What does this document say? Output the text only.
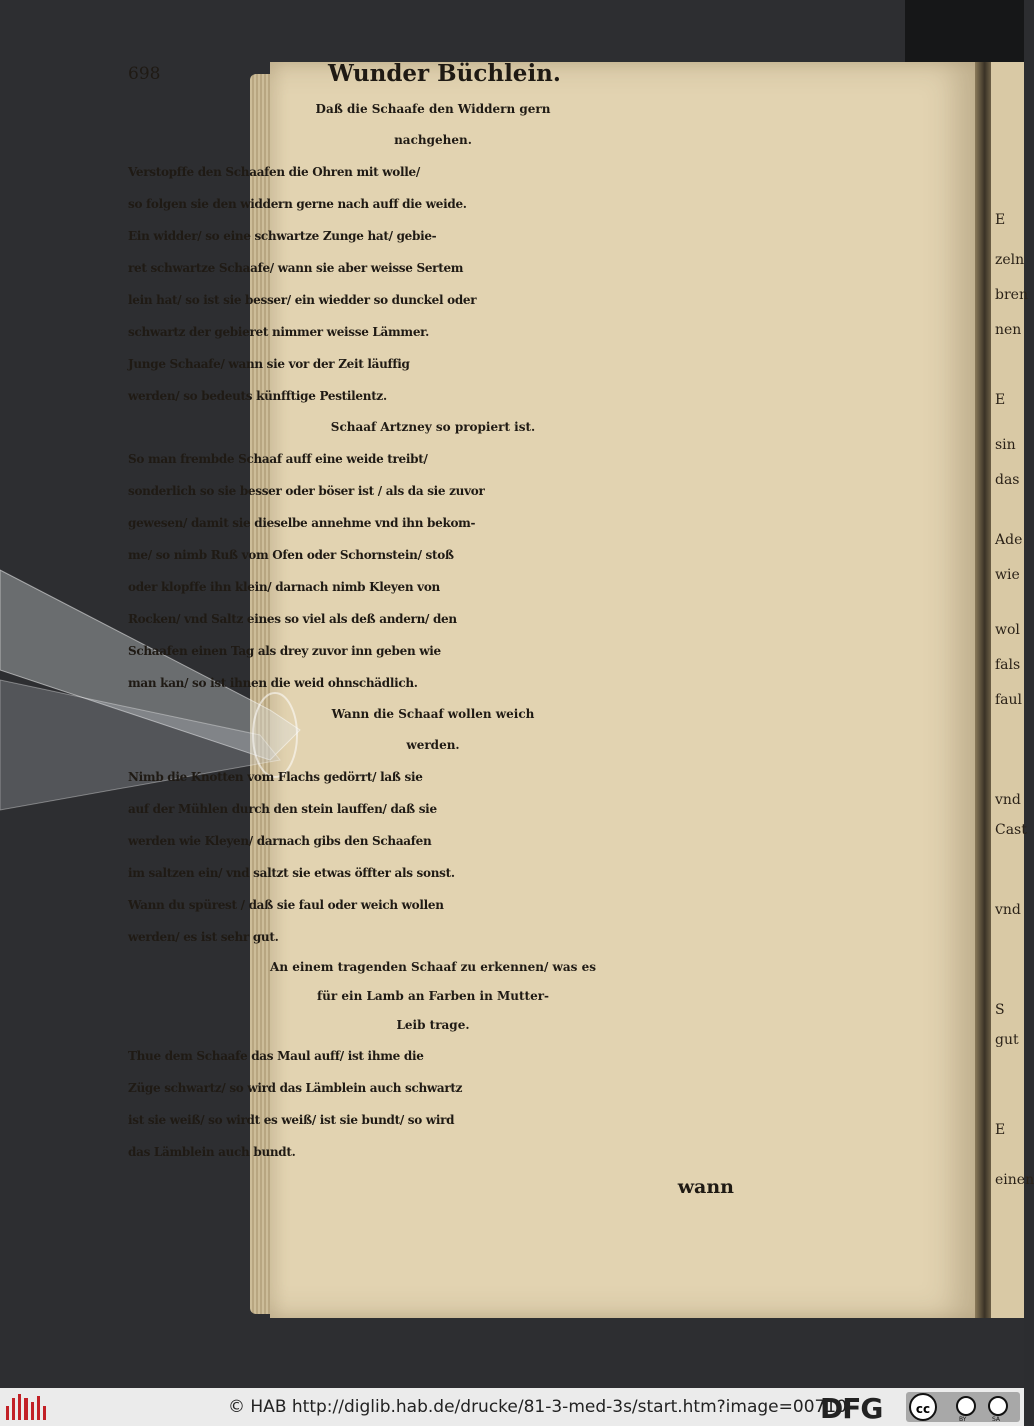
E
zeln
bren
nen
E
sin
das
Ade
wie
wol
fals
faul
vnd
Cast
vnd
S
gut
E
einen
698	Wunder Büchlein.

Daß die Schaafe den Widdern gern

nachgehen.

Verstopffe den Schaafen die Ohren mit wolle/

so folgen sie den widdern gerne nach auff die weide.

Ein widder/ so eine schwartze Zunge hat/ gebie-

ret schwartze Schaafe/ wann sie aber weisse Sertem

lein hat/ so ist sie besser/ ein wiedder so dunckel oder

schwartz der gebieret nimmer weisse Lämmer.

Junge Schaafe/ wann sie vor der Zeit läuffig

werden/ so bedeuts künfftige Pestilentz.

Schaaf Artzney so propiert ist.

So man frembde Schaaf auff eine weide treibt/

sonderlich so sie besser oder böser ist / als da sie zuvor

gewesen/ damit sie dieselbe annehme vnd ihn bekom-

me/ so nimb Ruß vom Ofen oder Schornstein/ stoß

oder klopffe ihn klein/ darnach nimb Kleyen von

Rocken/ vnd Saltz eines so viel als deß andern/ den

Schaafen einen Tag als drey zuvor inn geben wie

man kan/ so ist ihnen die weid ohnschädlich.

Wann die Schaaf wollen weich

werden.

Nimb die Knotten vom Flachs gedörrt/ laß sie

auf der Mühlen durch den stein lauffen/ daß sie

werden wie Kleyen/ darnach gibs den Schaafen

im saltzen ein/ vnd saltzt sie etwas öffter als sonst.

Wann du spürest / daß sie faul oder weich wollen

werden/ es ist sehr gut.

An einem tragenden Schaaf zu erkennen/ was es

für ein Lamb an Farben in Mutter-

Leib trage.

Thue dem Schaafe das Maul auff/ ist ihme die

Züge schwartz/ so wird das Lämblein auch schwartz

ist sie weiß/ so wirdt es weiß/ ist sie bundt/ so wird

das Lämblein auch bundt.

wann
© HAB http://diglib.hab.de/drucke/81-3-med-3s/start.htm?image=00710
DFG	cc
BY	SA
